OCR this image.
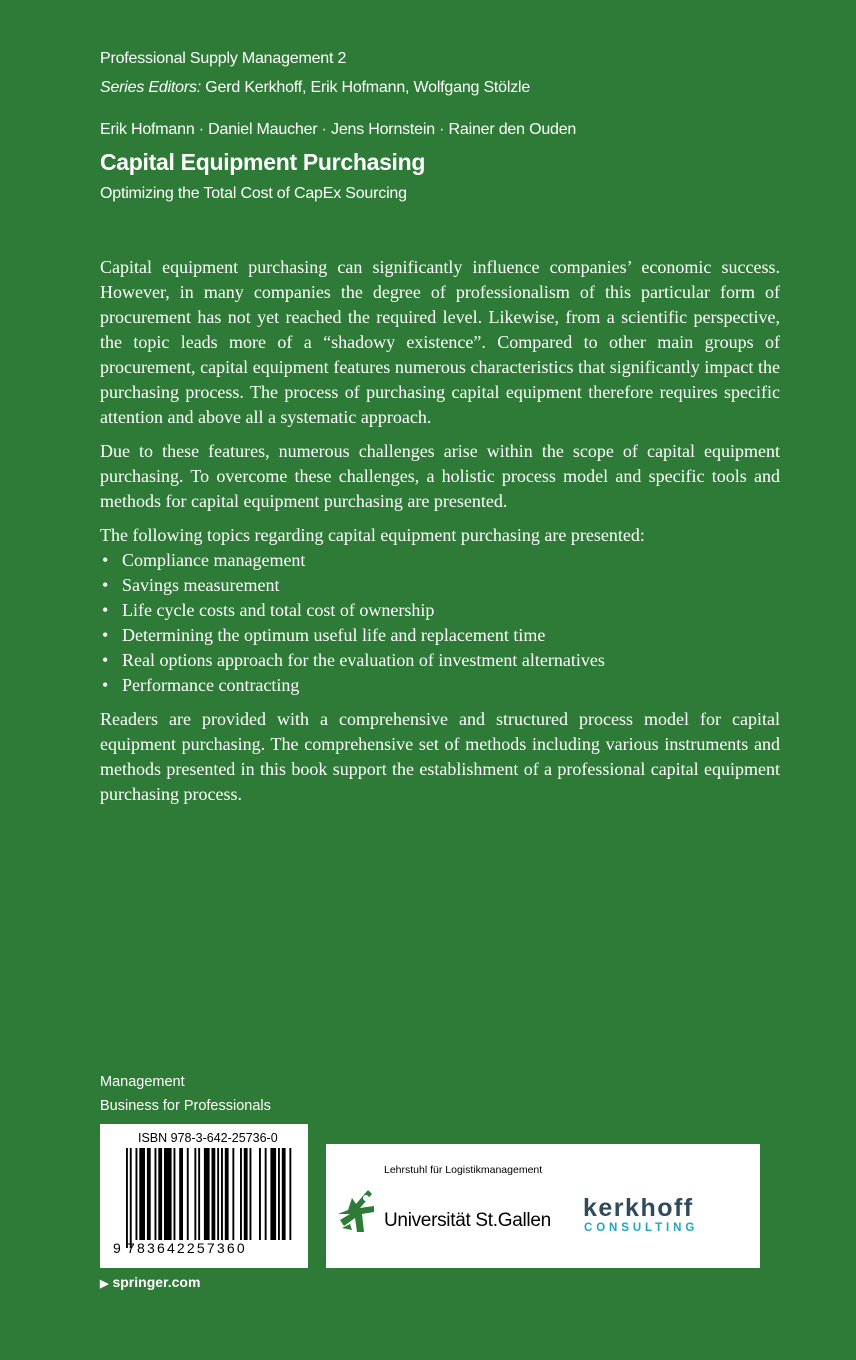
Professional Supply Management 2
Series Editors: Gerd Kerkhoff, Erik Hofmann, Wolfgang Stölzle
Erik Hofmann · Daniel Maucher · Jens Hornstein · Rainer den Ouden
Capital Equipment Purchasing
Optimizing the Total Cost of CapEx Sourcing

Capital equipment purchasing can significantly influence companies’ economic success. However, in many companies the degree of professionalism of this particular form of procurement has not yet reached the required level. Likewise, from a scientific perspective, the topic leads more of a “shadowy existence”. Compared to other main groups of procurement, capital equipment features numerous characteristics that significantly impact the purchasing process. The process of purchasing capital equipment therefore requires specific attention and above all a systematic approach.

Due to these features, numerous challenges arise within the scope of capital equipment purchasing. To overcome these challenges, a holistic process model and specific tools and methods for capital equipment purchasing are presented.

The following topics regarding capital equipment purchasing are presented:
• Compliance management
• Savings measurement
• Life cycle costs and total cost of ownership
• Determining the optimum useful life and replacement time
• Real options approach for the evaluation of investment alternatives
• Performance contracting

Readers are provided with a comprehensive and structured process model for capital equipment purchasing. The comprehensive set of methods including various instruments and methods presented in this book support the establishment of a professional capital equipment purchasing process.

Management
Business for Professionals
ISBN 978-3-642-25736-0
9 783642257360
▶ springer.com
Lehrstuhl für Logistikmanagement
Universität St.Gallen kerkhoff
CONSULTING
